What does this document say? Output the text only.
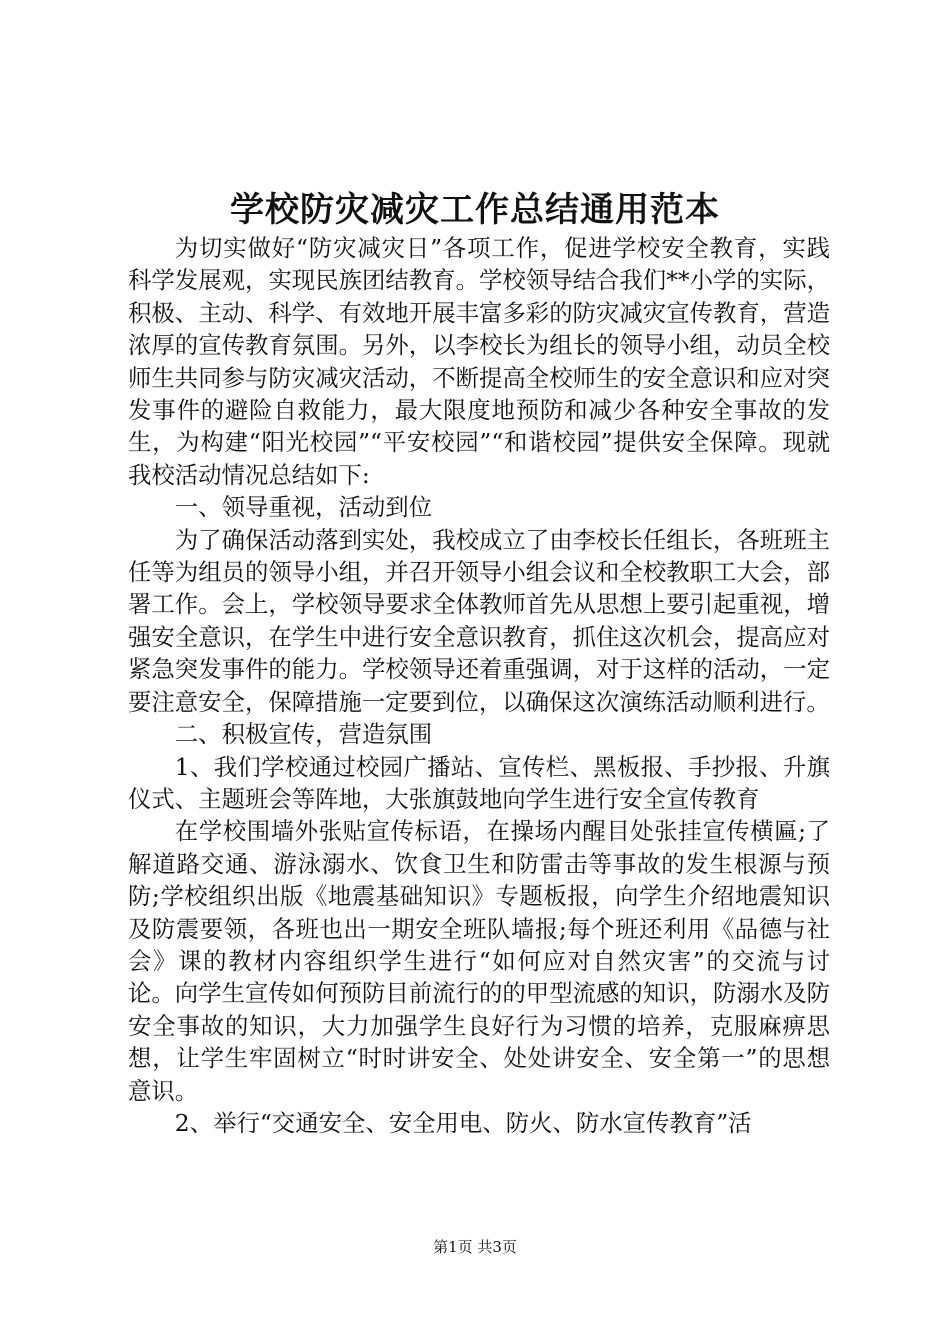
学校防灾减灾工作总结通用范本

为切实做好“防灾减灾日”各项工作，促进学校安全教育，实践科学发展观，实现民族团结教育。学校领导结合我们**小学的实际，积极、主动、科学、有效地开展丰富多彩的防灾减灾宣传教育，营造浓厚的宣传教育氛围。另外，以李校长为组长的领导小组，动员全校师生共同参与防灾减灾活动，不断提高全校师生的安全意识和应对突发事件的避险自救能力，最大限度地预防和减少各种安全事故的发生，为构建“阳光校园”“平安校园”“和谐校园”提供安全保障。现就我校活动情况总结如下:

一、领导重视，活动到位

为了确保活动落到实处，我校成立了由李校长任组长，各班班主任等为组员的领导小组，并召开领导小组会议和全校教职工大会，部署工作。会上，学校领导要求全体教师首先从思想上要引起重视，增强安全意识，在学生中进行安全意识教育，抓住这次机会，提高应对紧急突发事件的能力。学校领导还着重强调，对于这样的活动，一定要注意安全，保障措施一定要到位，以确保这次演练活动顺利进行。

二、积极宣传，营造氛围

1、我们学校通过校园广播站、宣传栏、黑板报、手抄报、升旗仪式、主题班会等阵地，大张旗鼓地向学生进行安全宣传教育

在学校围墙外张贴宣传标语，在操场内醒目处张挂宣传横匾;了解道路交通、游泳溺水、饮食卫生和防雷击等事故的发生根源与预防;学校组织出版《地震基础知识》专题板报，向学生介绍地震知识及防震要领，各班也出一期安全班队墙报;每个班还利用《品德与社会》课的教材内容组织学生进行“如何应对自然灾害”的交流与讨论。向学生宣传如何预防目前流行的的甲型流感的知识，防溺水及防安全事故的知识，大力加强学生良好行为习惯的培养，克服麻痹思想，让学生牢固树立“时时讲安全、处处讲安全、安全第一”的思想意识。

2、举行“交通安全、安全用电、防火、防水宣传教育”活

第1页 共3页
